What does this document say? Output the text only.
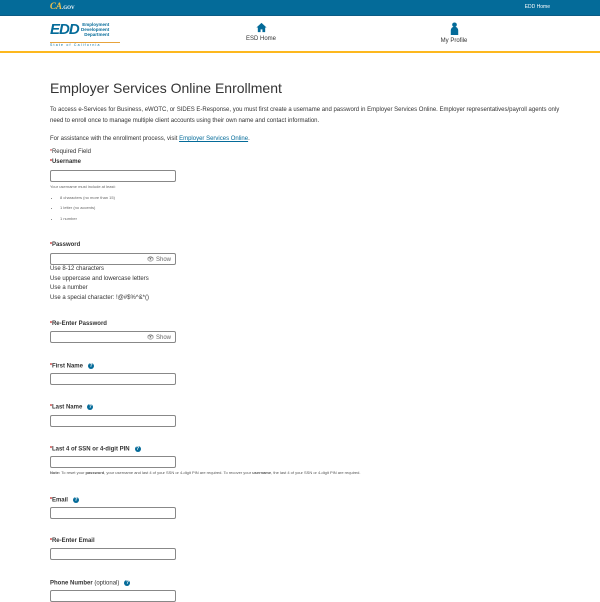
CA.GOV	EDD Home
EDD Employment
Development
Department
State of California
ESD Home	My Profile
Employer Services Online Enrollment

To access e-Services for Business, eWOTC, or SIDES E-Response, you must first create a username and password in Employer Services Online. Employer representatives/payroll agents only need to enroll once to manage multiple client accounts using their own name and contact information.

For assistance with the enrollment process, visit Employer Services Online.

*Required Field
*Username
Your username must include at least:
• 8 characters (no more than 15)
• 1 letter (no accents)
• 1 number
*Password
👁 Show
Use 8-12 characters
Use uppercase and lowercase letters
Use a number
Use a special character: !@#$%^&*()
*Re-Enter Password
👁 Show
*First Name ?
*Last Name ?
*Last 4 of SSN or 4-digit PIN ?
Note: To reset your password, your username and last 4 of your SSN or 4-digit PIN are required. To recover your username, the last 4 of your SSN or 4-digit PIN are required.
*Email ?
*Re-Enter Email
Phone Number (optional) ?
